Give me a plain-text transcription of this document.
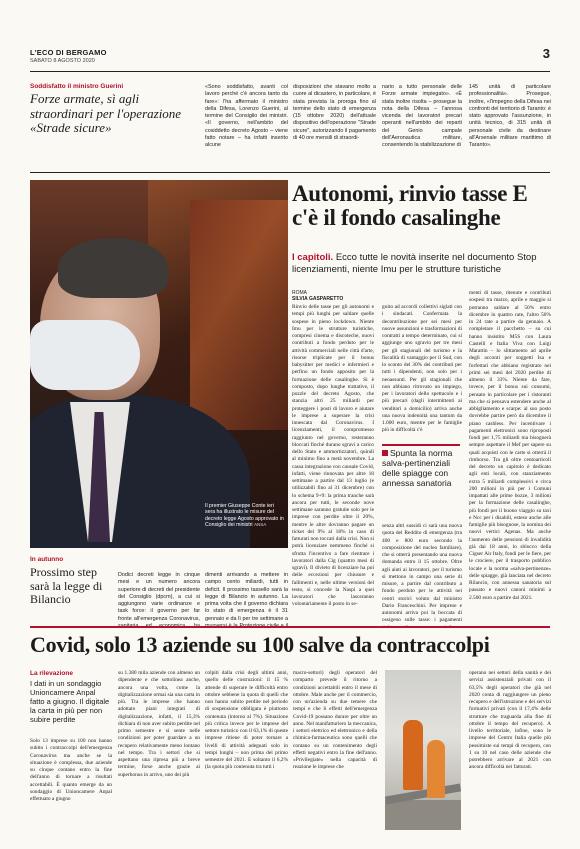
L'ECO DI BERGAMO
SABATO 8 AGOSTO 2020	3
Soddisfatto il ministro Guerini
Forze armate, sì agli straordinari per l'operazione «Strade sicure»
«Sono soddisfatto, avanti col lavoro perché c'è ancora tanto da fare»: l'ha affermato il ministro della Difesa, Lorenzo Guerini, al termine del Consiglio dei ministri. «Il governo, nell'ambito del cosiddetto decreto Agosto – viene fatto notare – ha infatti inserito alcune
disposizioni che stavano molto a cuore al dicastero, in particolare, è stata prevista la proroga fino al termine dello stato di emergenza (15 ottobre 2020) dell'attuale dispositivo dell'operazione "Strade sicure", autorizzando il pagamento di 40 ore mensili di straordi-
nario a tutto personale delle Forze armate impiegato». «È stata inoltre risolta – prosegue la nota della Difesa – l'annosa vicenda dei lavoratori precari operanti nell'ambito dei reparti del Genio campale dell'Aeronautica militare, consentendo la stabilizzazione di
145 unità di particolare professionalità». Prosegue, inoltre, «l'impegno della Difesa nei confronti del territorio di Taranto: è stato approvato l'assunzione, in unità tecnico, di 315 unità di personale civile da destinare all'Arsenale militare marittimo di Taranto».
Il premier Giuseppe Conte ieri sera ha illustrato le misure del decreto legge Agosto approvato in Consiglio dei ministri ANSA
Autonomi, rinvio tasse E c'è il fondo casalinghe
I capitoli. Ecco tutte le novità inserite nel documento Stop licenziamenti, niente Imu per le strutture turistiche
ROMA
SILVIA GASPARETTO
Rinvio delle tasse per gli autonomi e tempi più lunghi per saldare quelle sospese in pieno lockdown. Niente Imu per le strutture turistiche, compresi cinema e discoteche, nuovi contributi a fondo perduto per le attività commerciali nelle città d'arte, risorse triplicate per il bonus babysitter per medici e infermieri e perfino un fondo apposito per la formazione delle casalinghe. Si è composto, dopo lunghe trattative, il puzzle del decreto Agosto, che stanzia altri 25 miliardi per proteggere i posti di lavoro e aiutare le imprese a superare la crisi innescata dal Coronavirus. I licenziamenti, il compromesso raggiunto nel governo, resteranno bloccati finché durano sgravi a carico dello Stato e ammortizzatori, quindi al minimo fino a metà novembre. La cassa integrazione con causale Covid, infatti, viene rinnovata per altre 18 settimane a partire dal 13 luglio (e utilizzabili fino al 31 dicembre) con lo schema 9+9: la prima tranche sarà ancora per tutti, le seconde nove settimane saranno gratuite solo per le imprese con perdite oltre il 20%, mentre le altre dovranno pagare un ticket del 9% al 18% in caso di fatturati non toccati dalla crisi. Non si potrà licenziare nemmeno finché si sfrutta l'incentivo a fare rientrare i lavoratori dalla Cig (quattro mesi di sgravi). Il divieto di licenziare ha poi delle eccezioni per chiusure e fallimenti e, nelle ultime versioni del testo, si concede la Naspi a quei lavoratori che lasceranno volontariamente il posto in se-
guito ad accordi collettivi siglati con i sindacati. Confermata la decontribuzione per sei mesi per nuove assunzioni e trasformazioni di contratti a tempo determinato, cui si aggiunge uno sgravio per tre mesi per gli stagionali del turismo e la fiscalità di vantaggio per il Sud, con lo sconto del 30% dei contributi per tutti i dipendenti, non solo per i neoassunti. Per gli stagionali che non abbiano ritrovato un impiego, per i lavoratori dello spettacolo e i più precari (dagli intermittenti ai venditori a domicilio) arriva anche una nuova indennità una tantum da 1.000 euro, mentre per le famiglie più in difficoltà c'è
Spunta la norma salva-pertinenziali delle spiagge con annessa sanatoria
senza altri sussidi ci sarà una nuova quota del Reddito di emergenza (tra 400 e 800 euro secondo la composizione del nucleo familiare), che si otterrà presentando una nuova domanda entro il 15 ottobre. Oltre agli aiuti ai lavoratori, per il turismo si mettono in campo una serie di misure, a partire dal contributo a fondo perduto per le attività nei centri storici voluto dal ministro Dario Franceschini. Per imprese e autonomi arriva poi la boccata di ossigeno sulle tasse: i pagamenti
menti di tasse, ritenute e contributi sospesi tra marzo, aprile e maggio si potranno saldare al 50% entro dicembre in quattro rate, l'altro 50% in 24 rate a partire da gennaio. A completare il pacchetto – su cui hanno insistito M5S con Laura Castelli e Italia Viva con Luigi Marattin – lo slittamento ad aprile degli acconti per soggetti Isa e forfettari che abbiano registrato nei primi sei mesi del 2020 perdite di almeno il 33%. Niente da fare, invece, per il bonus sui consumi, pensato in particolare per i ristoranti ma che si pensava estendere anche al abbigliamento e scarpe: al suo posto dovrebbe partire però da dicembre il piano cashless. Per incentivare i pagamenti elettronici sono riproposti fondi per 1,75 miliardi ma bisognerà sempre aspettare il Mef per sapere su quali acquisti con le carte si otterrà il rimborso. Tra gli oltre centoarticoli del decreto un capitolo è dedicato agli enti locali, con stanziamento extra 5 miliardi complessivi e circa 200 milioni in più per i Comuni impattati alle prime bozze, 3 milioni per la formazione delle casalinghe, più fondi per il buono viaggio su taxi e Ncc per i disabili, esteso anche alle famiglie più bisognose, la nomina dei nuovi vertici Agenas. Ma anche l'aumento delle pensioni di invalidità già dai 18 anni, lo sblocco della Cigser Air Italy, fondi per le fiere, per le crociere, per il trasporto pubblico locale e la norma «salva-pertinenze» delle spiagge, già lanciata nel decreto Rilancio, con annessa sanatoria sul passato e nuovi canoni minimi a 2.500 euro a partire dal 2021.
In autunno
Prossimo step sarà la legge di Bilancio
Dodici decreti legge in cinque mesi e un numero ancora superiore di decreti del presidente del Consiglio (dpcm), a cui si aggiungono varie ordinanze e task force: il governo per far fronte all'emergenza Coronavirus,
dimenti arrivando a mettere in campo cento miliardi, tutti in deficit. Il prossimo tassello sarà la legge di Bilancio in autunno. La prima volta che il governo dichiara lo stato di emergenza è il 31 gennaio e da lì per tre settimane a
Covid, solo 13 aziende su 100 salve da contraccolpi
La rilevazione
I dati in un sondaggio Unioncamere Anpal fatto a giugno. Il digitale la carta in più per non subire perdite
Solo 13 imprese su 100 non hanno subito i contraccolpi dell'emergenza Coronavirus ma anche se la situazione è complessa, due aziende su cinque contano entro la fine dell'anno di tornare a risultati accettabili. È quanto emerge da un sondaggio di Unioncamere Anpal effettuato a giugno
su 1.380 mila aziende con almeno un dipendente e che sottolinea anche, ancora una volta, come la digitalizzazione ormai sia una carta in più. Tra le imprese che hanno adottato piani integrati di digitalizzazione, infatti, il 15,3% dichiara di non aver subito perdite nel primo semestre e si sente nelle condizioni per poter guardare a un recupero relativamente meno lontano nel tempo. Tra i settori che si aspettano una ripresa più a breve termine, forse anche grazie ai superbonus in arrivo, uno dei più
colpiti dalla crisi degli ultimi anni, quello delle costruzioni: il 15 % attende di superare le difficoltà entro ottobre sebbene la quota di quelli che non hanno subito perdite nel periodo di sospensione obbligata è piuttosto contenuta (intorno al 7%). Situazione più critica invece per le imprese del settore turistico con il 63,1% di queste imprese ritiene di poter tornare a livelli di attività adeguati solo in tempi lunghi – non prima del primo semestre del 2021. E soltanto il 6,2% (la quota più contenuta tra tutti i
macro-settori) degli operatori del comparto prevede il ritorno a condizioni accettabili entro il mese di ottobre. Male anche per il commercio, con un'azienda su due temere che tempi e che li effetti dell'emergenza Covid-19 possano durare per oltre un anno. Nel manifatturiero la meccanica, i settori elettrico ed elettronico e della chimica-farmaceutica sono quelli che contano su un contenimento degli effetti negativi entro la fine dell'anno. «Privilegiate» nella capacità di reazione le imprese che
operano nei settori della sanità e dei servizi assistenziali privati con il 63,5% degli operatori che già nel 2020 conta di raggiungere un pieno recupero e dell'istruzione e dei servizi formativi privati (con il 17,4% delle strutture che traguarda alla fine di ottobre il tempo del recupero). A livello territoriale, infine, sono le imprese del Centro Italia quelle più pessimiste sui tempi di recupero, con 1 su 10 nel caso delle aziende che potrebbero arrivare al 2021 con ancora difficoltà nei fatturati.
